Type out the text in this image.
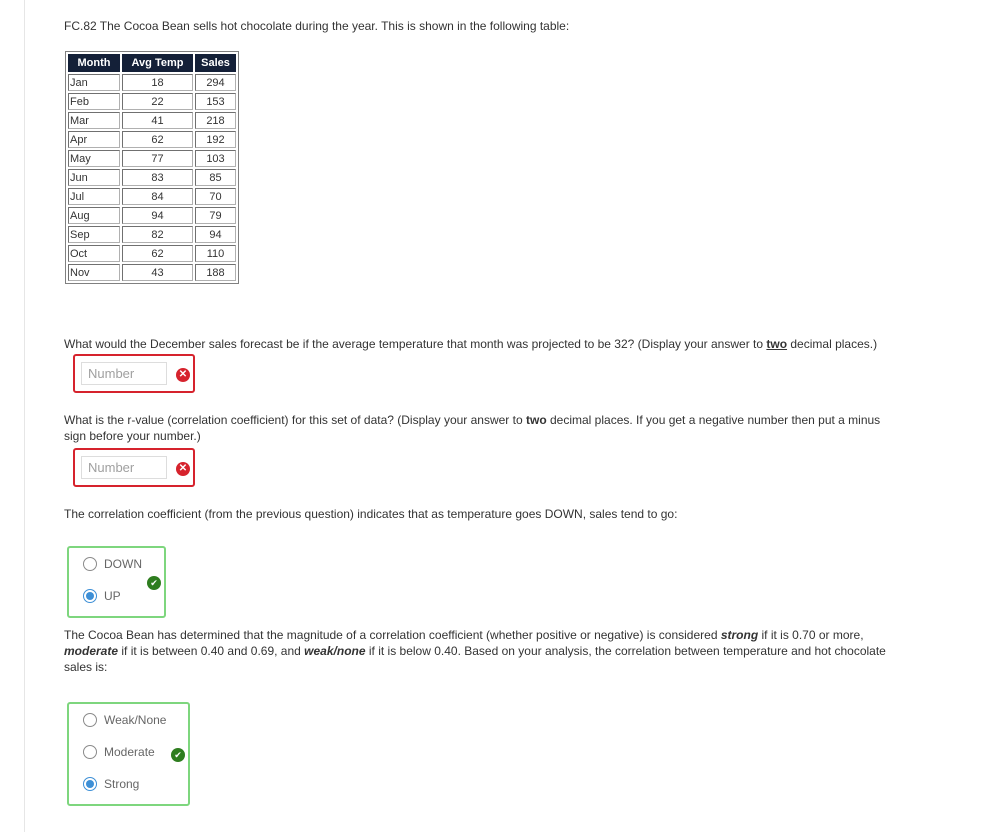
FC.82 The Cocoa Bean sells hot chocolate during the year. This is shown in the following table:

Month	Avg Temp	Sales
Jan	18	294
Feb	22	153
Mar	41	218
Apr	62	192
May	77	103
Jun	83	85
Jul	84	70
Aug	94	79
Sep	82	94
Oct	62	110
Nov	43	188

What would the December sales forecast be if the average temperature that month was projected to be 32? (Display your answer to two decimal places.)

Number
✕

What is the r-value (correlation coefficient) for this set of data? (Display your answer to two decimal places. If you get a negative number then put a minus sign before your number.)

Number
✕

The correlation coefficient (from the previous question) indicates that as temperature goes DOWN, sales tend to go:

DOWN
UP
✔

The Cocoa Bean has determined that the magnitude of a correlation coefficient (whether positive or negative) is considered strong if it is 0.70 or more, moderate if it is between 0.40 and 0.69, and weak/none if it is below 0.40. Based on your analysis, the correlation between temperature and hot chocolate sales is:

Weak/None
Moderate
Strong
✔
